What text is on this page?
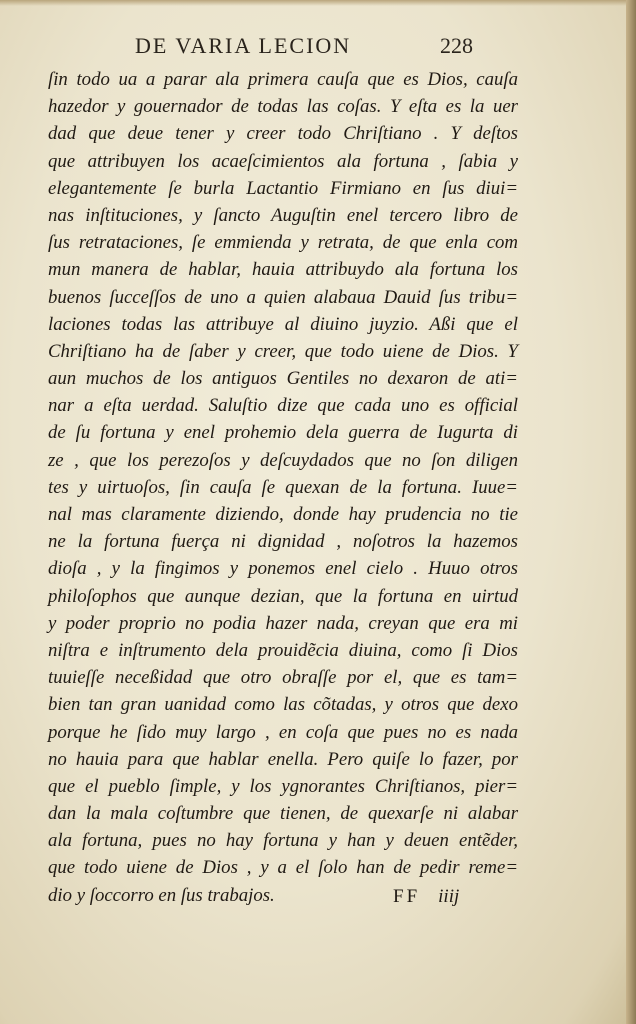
DE VARIA LECION	228
ſin todo ua a parar ala primera cauſa que es Dios, cauſa
hazedor y gouernador de todas las coſas. Y eſta es la uer
dad que deue tener y creer todo Chriſtiano . Y deſtos
que attribuyen los acaeſcimientos ala fortuna , ſabia y
elegantemente ſe burla Lactantio Firmiano en ſus diui=
nas inſtituciones, y ſancto Auguſtin enel tercero libro de
ſus retrataciones, ſe emmienda y retrata, de que enla com
mun manera de hablar, hauia attribuydo ala fortuna los
buenos ſucceſſos de uno a quien alabaua Dauid ſus tribu=
laciones todas las attribuye al diuino juyzio. Aßi que el
Chriſtiano ha de ſaber y creer, que todo uiene de Dios. Y
aun muchos de los antiguos Gentiles no dexaron de ati=
nar a eſta uerdad. Saluſtio dize que cada uno es official
de ſu fortuna y enel prohemio dela guerra de Iugurta di
ze , que los perezoſos y deſcuydados que no ſon diligen
tes y uirtuoſos, ſin cauſa ſe quexan de la fortuna. Iuue=
nal mas claramente diziendo, donde hay prudencia no tie
ne la fortuna fuerça ni dignidad , noſotros la hazemos
dioſa , y la fingimos y ponemos enel cielo . Huuo otros
philoſophos que aunque dezian, que la fortuna en uirtud
y poder proprio no podia hazer nada, creyan que era mi
niſtra e inſtrumento dela prouidẽcia diuina, como ſi Dios
tuuieſſe neceßidad que otro obraſſe por el, que es tam=
bien tan gran uanidad como las cõtadas, y otros que dexo
porque he ſido muy largo , en coſa que pues no es nada
no hauia para que hablar enella. Pero quiſe lo fazer, por
que el pueblo ſimple, y los ygnorantes Chriſtianos, pier=
dan la mala coſtumbre que tienen, de quexarſe ni alabar
ala fortuna, pues no hay fortuna y han y deuen entẽder,
que todo uiene de Dios , y a el ſolo han de pedir reme=
dio y ſoccorro en ſus trabajos.	FF iiij
